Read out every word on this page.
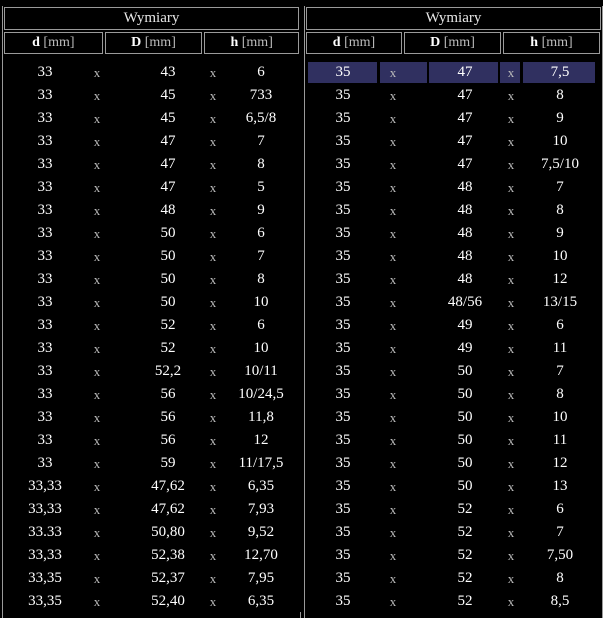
Wymiary
d [mm]	D [mm]	h [mm]
33	x	43	x	6
33	x	45	x	733
33	x	45	x	6,5/8
33	x	47	x	7
33	x	47	x	8
33	x	47	x	5
33	x	48	x	9
33	x	50	x	6
33	x	50	x	7
33	x	50	x	8
33	x	50	x	10
33	x	52	x	6
33	x	52	x	10
33	x	52,2	x	10/11
33	x	56	x	10/24,5
33	x	56	x	11,8
33	x	56	x	12
33	x	59	x	11/17,5
33,33	x	47,62	x	6,35
33,33	x	47,62	x	7,93
33.33	x	50,80	x	9,52
33,33	x	52,38	x	12,70
33,35	x	52,37	x	7,95
33,35	x	52,40	x	6,35
Wymiary
d [mm]	D [mm]	h [mm]
35	x	47	x	7,5
35	x	47	x	8
35	x	47	x	9
35	x	47	x	10
35	x	47	x	7,5/10
35	x	48	x	7
35	x	48	x	8
35	x	48	x	9
35	x	48	x	10
35	x	48	x	12
35	x	48/56	x	13/15
35	x	49	x	6
35	x	49	x	11
35	x	50	x	7
35	x	50	x	8
35	x	50	x	10
35	x	50	x	11
35	x	50	x	12
35	x	50	x	13
35	x	52	x	6
35	x	52	x	7
35	x	52	x	7,50
35	x	52	x	8
35	x	52	x	8,5
